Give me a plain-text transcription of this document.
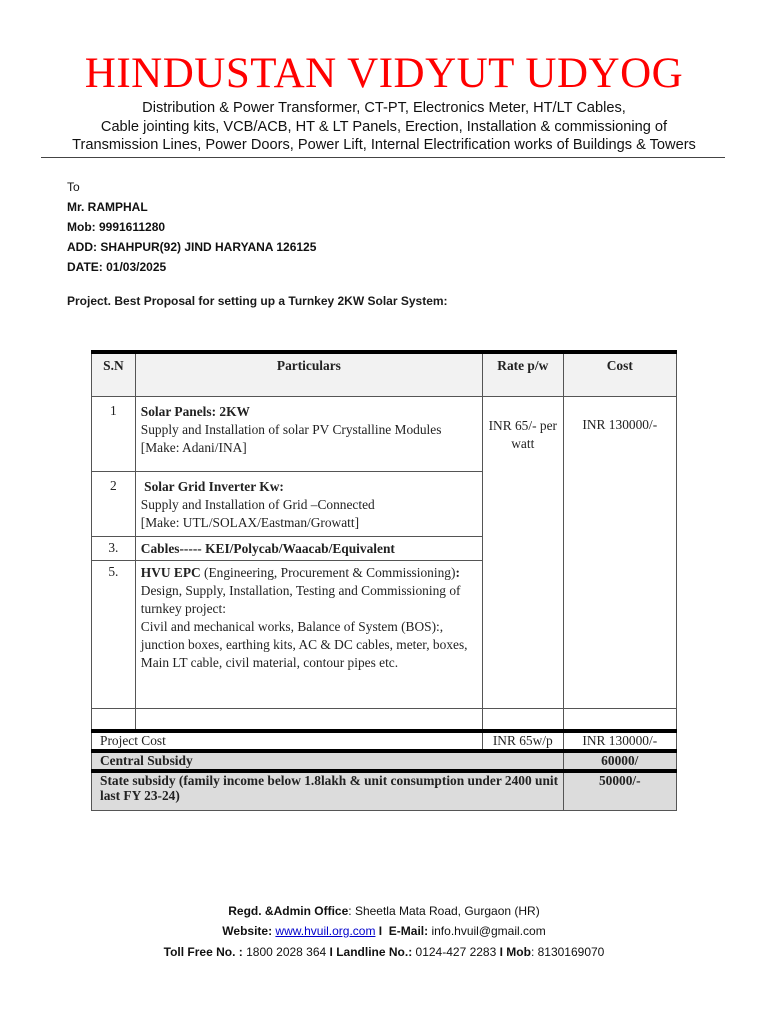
HINDUSTAN VIDYUT UDYOG
Distribution & Power Transformer, CT-PT, Electronics Meter, HT/LT Cables,
Cable jointing kits, VCB/ACB, HT & LT Panels, Erection, Installation & commissioning of
Transmission Lines, Power Doors, Power Lift, Internal Electrification works of Buildings & Towers
To
Mr. RAMPHAL
Mob: 9991611280
ADD: SHAHPUR(92) JIND HARYANA 126125
DATE: 01/03/2025
Project. Best Proposal for setting up a Turnkey 2KW Solar System:
S.N	Particulars	Rate p/w	Cost
1	Solar Panels: 2KW
Supply and Installation of solar PV Crystalline Modules
[Make: Adani/INA]	INR 65/- per watt	INR 130000/-
2	Solar Grid Inverter Kw:
Supply and Installation of Grid –Connected
[Make: UTL/SOLAX/Eastman/Growatt]		

3.	Cables----- KEI/Polycab/Waacab/Equivalent		
5.	HVU EPC (Engineering, Procurement & Commissioning):
Design, Supply, Installation, Testing and Commissioning of turnkey project:
Civil and mechanical works, Balance of System (BOS):, junction boxes, earthing kits, AC & DC cables, meter, boxes, Main LT cable, civil material, contour pipes etc.		

Project Cost		INR 65w/p	INR 130000/-
Central Subsidy			60000/
State subsidy (family income below 1.8lakh & unit consumption under 2400 unit last FY 23-24)			50000/-
Regd. &Admin Office: Sheetla Mata Road, Gurgaon (HR)
Website: www.hvuil.org.com I  E-Mail: info.hvuil@gmail.com
Toll Free No. : 1800 2028 364 I Landline No.: 0124-427 2283 I Mob: 8130169070
